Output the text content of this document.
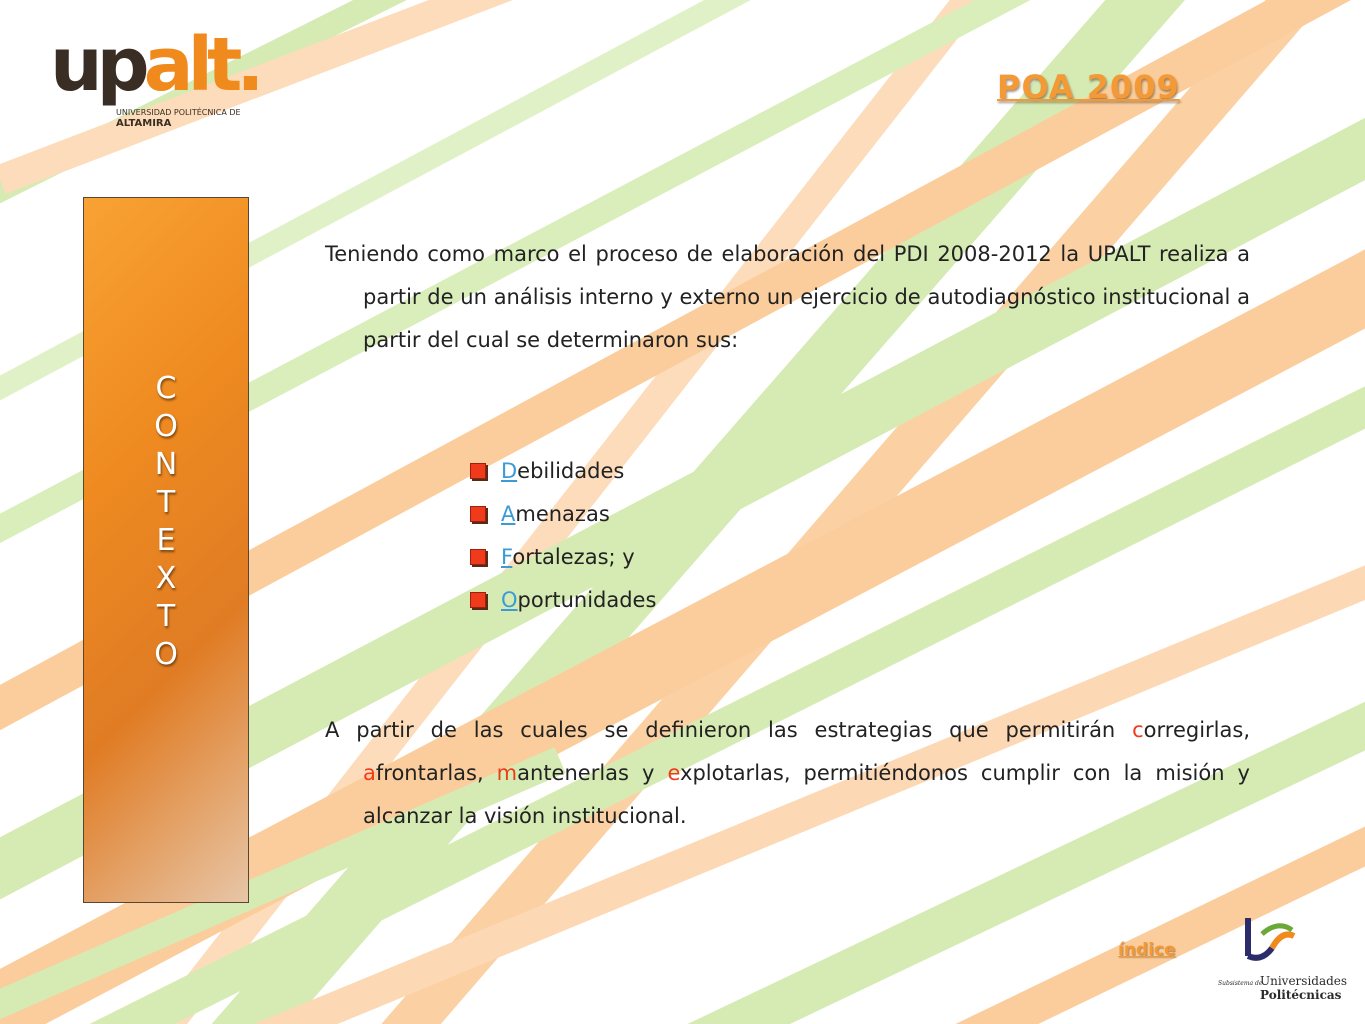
upalt.
UNIVERSIDAD POLITÉCNICA DE
ALTAMIRA
POA 2009
C
O
N
T
E
X
T
O
Teniendo como marco el proceso de elaboración del PDI 2008-2012 la UPALT realiza a partir de un análisis interno y externo un ejercicio de autodiagnóstico institucional a partir del cual se determinaron sus:
Debilidades
Amenazas
Fortalezas; y
Oportunidades
A partir de las cuales se definieron las estrategias que permitirán corregirlas, afrontarlas, mantenerlas y explotarlas, permitiéndonos cumplir con la misión y alcanzar la visión institucional.
índice
Subsistema de
Universidades
Politécnicas
